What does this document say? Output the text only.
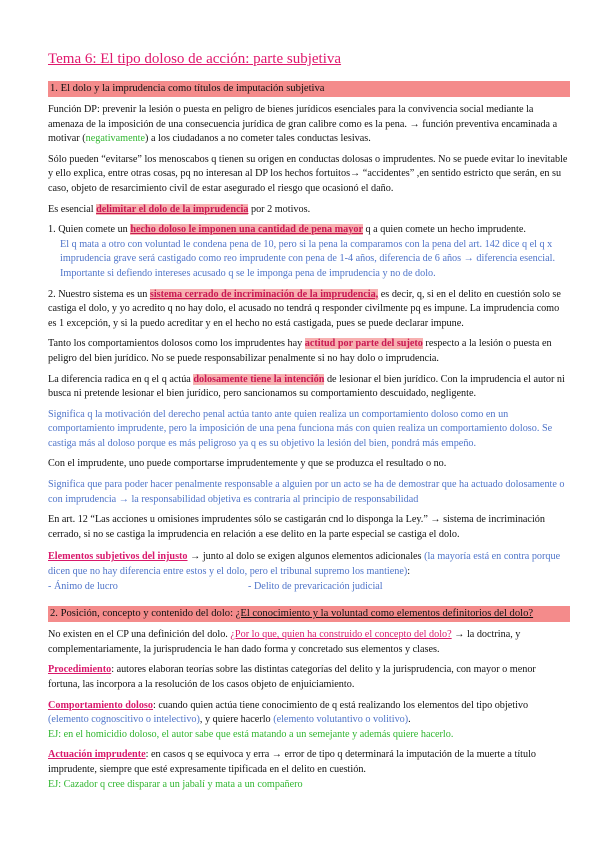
Tema 6: El tipo doloso de acción: parte subjetiva
1. El dolo y la imprudencia como títulos de imputación subjetiva

Función DP: prevenir la lesión o puesta en peligro de bienes jurídicos esenciales para la convivencia social mediante la amenaza de la imposición de una consecuencia jurídica de gran calibre como es la pena. → función preventiva encaminada a motivar (negativamente) a los ciudadanos a no cometer tales conductas lesivas.

Sólo pueden “evitarse” los menoscabos q tienen su origen en conductas dolosas o imprudentes. No se puede evitar lo inevitable y ello explica, entre otras cosas, pq no interesan al DP los hechos fortuitos→ “accidentes” ,en sentido estricto que serán, en su caso, objeto de resarcimiento civil de estar asegurado el riesgo que ocasionó el daño.

Es esencial delimitar el dolo de la imprudencia por 2 motivos.

1. Quien comete un hecho doloso le imponen una cantidad de pena mayor q a quien comete un hecho imprudente.

El q mata a otro con voluntad le condena pena de 10, pero si la pena la comparamos con la pena del art. 142 dice q el q x imprudencia grave será castigado como reo imprudente con pena de 1-4 años, diferencia de 6 años → diferencia esencial. Importante si defiendo intereses acusado q se le imponga pena de imprudencia y no de dolo.

2. Nuestro sistema es un sistema cerrado de incriminación de la imprudencia, es decir, q, si en el delito en cuestión solo se castiga el dolo, y yo acredito q no hay dolo, el acusado no tendrá q responder civilmente pq es impune. La imprudencia como es 1 excepción, y si la puedo acreditar y en el hecho no está castigada, pues se puede declarar impune.

Tanto los comportamientos dolosos como los imprudentes hay actitud por parte del sujeto respecto a la lesión o puesta en peligro del bien jurídico. No se puede responsabilizar penalmente si no hay dolo o imprudencia.

La diferencia radica en q el q actúa dolosamente tiene la intención de lesionar el bien jurídico. Con la imprudencia el autor ni busca ni pretende lesionar el bien jurídico, pero sancionamos su comportamiento descuidado, negligente.

Significa q la motivación del derecho penal actúa tanto ante quien realiza un comportamiento doloso como en un comportamiento imprudente, pero la imposición de una pena funciona más con quien realiza un comportamiento doloso. Se castiga más al doloso porque es más peligroso ya q es su objetivo la lesión del bien, pondrá más empeño.

Con el imprudente, uno puede comportarse imprudentemente y que se produzca el resultado o no.

Significa que para poder hacer penalmente responsable a alguien por un acto se ha de demostrar que ha actuado dolosamente o con imprudencia → la responsabilidad objetiva es contraria al principio de responsabilidad

En art. 12 “Las acciones u omisiones imprudentes sólo se castigarán cnd lo disponga la Ley.” → sistema de incriminación cerrado, si no se castiga la imprudencia en relación a ese delito en la parte especial se castiga el dolo.

Elementos subjetivos del injusto → junto al dolo se exigen algunos elementos adicionales (la mayoría está en contra porque dicen que no hay diferencia entre estos y el dolo, pero el tribunal supremo los mantiene):

- Ánimo de lucro	- Delito de prevaricación judicial
2. Posición, concepto y contenido del dolo: ¿El conocimiento y la voluntad como elementos definitorios del dolo?

No existen en el CP una definición del dolo. ¿Por lo que, quien ha construido el concepto del dolo? → la doctrina, y complementariamente, la jurisprudencia le han dado forma y concretado sus elementos y clases.

Procedimiento: autores elaboran teorías sobre las distintas categorías del delito y la jurisprudencia, con mayor o menor fortuna, las incorpora a la resolución de los casos objeto de enjuiciamiento.

Comportamiento doloso: cuando quien actúa tiene conocimiento de q está realizando los elementos del tipo objetivo (elemento cognoscitivo o intelectivo), y quiere hacerlo (elemento volutantivo o volitivo).
EJ: en el homicidio doloso, el autor sabe que está matando a un semejante y además quiere hacerlo.

Actuación imprudente: en casos q se equivoca y erra → error de tipo q determinará la imputación de la muerte a título imprudente, siempre que esté expresamente tipificada en el delito en cuestión.
EJ: Cazador q cree disparar a un jabalí y mata a un compañero
